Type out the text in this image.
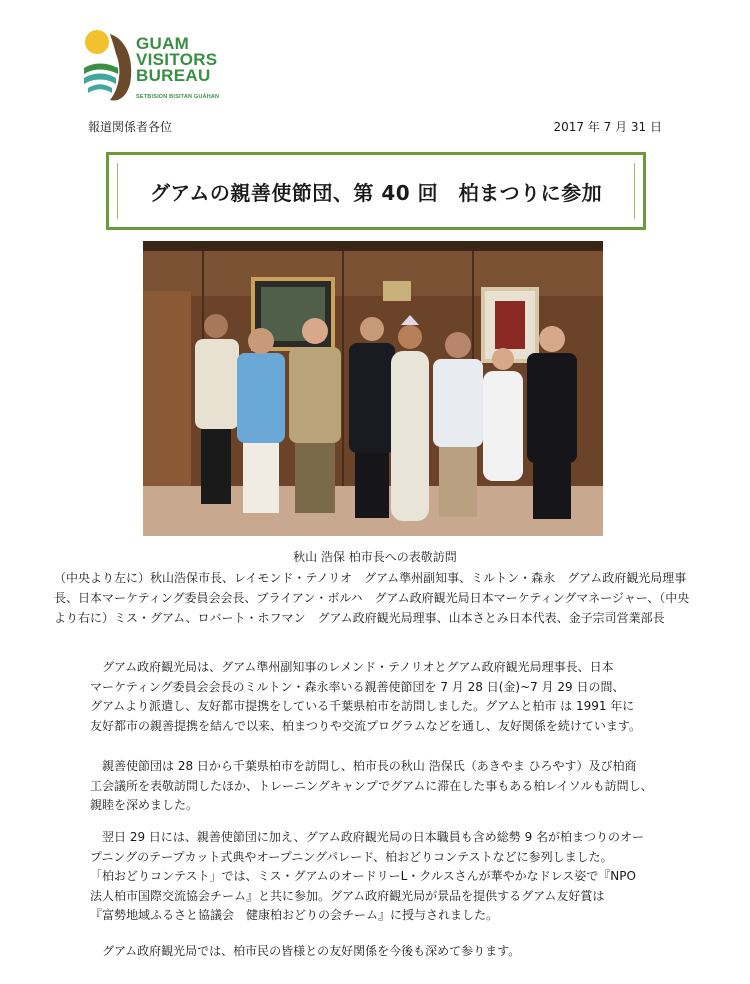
GUAM
VISITORS
BUREAU
SETBISION BISITAN GUÅHAN
報道関係者各位	2017 年 7 月 31 日
グアムの親善使節団、第 40 回　柏まつりに参加
秋山 浩保 柏市長への表敬訪問
（中央より左に）秋山浩保市長、レイモンド・テノリオ　グアム準州副知事、ミルトン・森永　グアム政府観光局理事長、日本マーケティング委員会会長、ブライアン・ボルハ　グアム政府観光局日本マーケティングマネージャー、（中央より右に）ミス・グアム、ロバート・ホフマン　グアム政府観光局理事、山本さとみ日本代表、金子宗司営業部長
グアム政府観光局は、グアム準州副知事のレメンド・テノリオとグアム政府観光局理事長、日本
マーケティング委員会会長のミルトン・森永率いる親善使節団を 7 月 28 日(金)~7 月 29 日の間、
グアムより派遣し、友好都市提携をしている千葉県柏市を訪問しました。グアムと柏市 は 1991 年に
友好都市の親善提携を結んで以来、柏まつりや交流プログラムなどを通し、友好関係を続けています。
親善使節団は 28 日から千葉県柏市を訪問し、柏市長の秋山 浩保氏（あきやま ひろやす）及び柏商
工会議所を表敬訪問したほか、トレーニングキャンプでグアムに滞在した事もある柏レイソルも訪問し、
親睦を深めました。
翌日 29 日には、親善使節団に加え、グアム政府観光局の日本職員も含め総勢 9 名が柏まつりのオー
プニングのテープカット式典やオープニングパレード、柏おどりコンテストなどに参列しました。
「柏おどりコンテスト」では、ミス・グアムのオードリーL・クルスさんが華やかなドレス姿で『NPO
法人柏市国際交流協会チーム』と共に参加。グアム政府観光局が景品を提供するグアム友好賞は
『富勢地域ふるさと協議会　健康柏おどりの会チーム』に授与されました。
グアム政府観光局では、柏市民の皆様との友好関係を今後も深めて参ります。
